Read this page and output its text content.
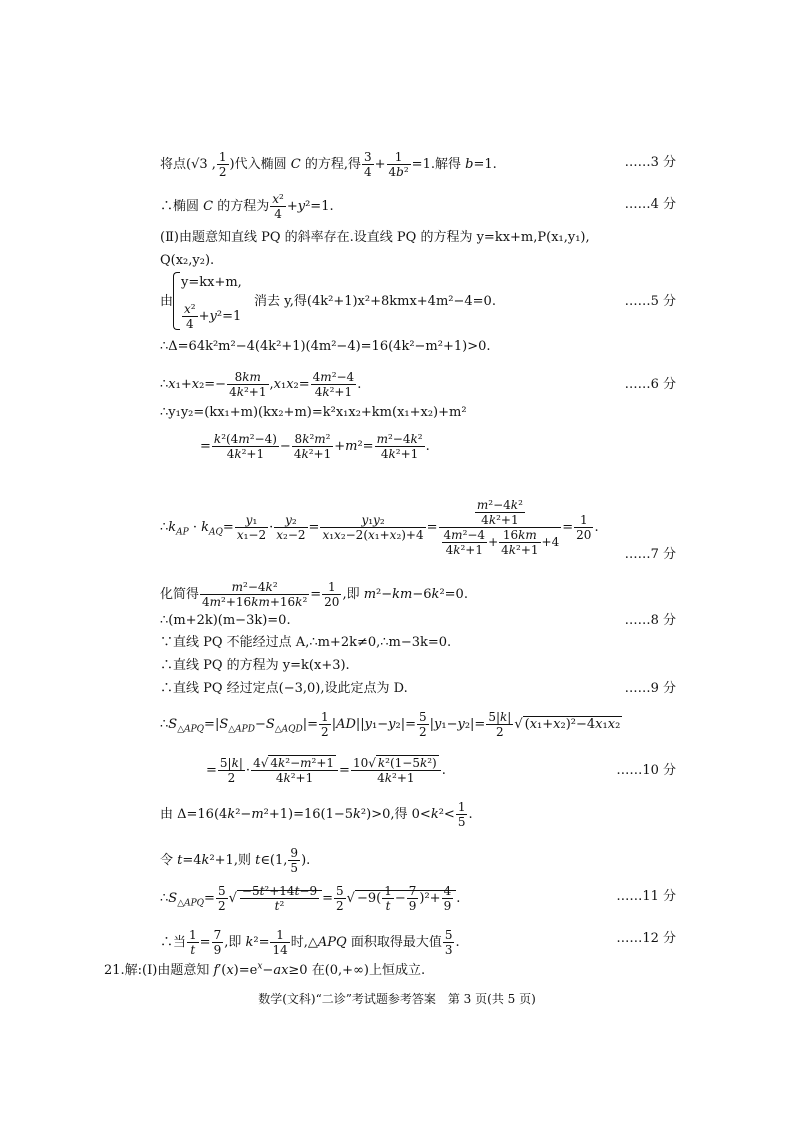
将点(√3 , $\frac{1}{2}$ )代入椭圆 C 的方程,得 $\frac{3}{4} + \frac{1}{\text{4b²}} =1$.解得 b=1.	……3 分
∴椭圆 C 的方程为 $\frac{\text{x²}}{4} +y^2=1$.	……4 分
(Ⅱ)由题意知直线 PQ 的斜率存在.设直线 PQ 的方程为 y=kx+m,P(x₁,y₁),
Q(x₂,y₂).
由
y=kx+m,
$\frac{\text{x²}}{4} +y^2=1$
消去 y,得(4k²+1)x²+8kmx+4m²−4=0.	……5 分
∴Δ=64k²m²−4(4k²+1)(4m²−4)=16(4k²−m²+1)>0.
∴x₁+x₂=− $\frac{8km}{\text{4k²+1}} ,x_1x_2= \frac{\text{4m²−4}}{\text{4k²+1}}$ .	……6 分
∴y₁y₂=(kx₁+m)(kx₂+m)=k²x₁x₂+km(x₁+x₂)+m²
= $\frac{\text{k²(4m²−4)}}{\text{4k²+1}} - \frac{\text{8k²m²}}{\text{4k²+1}} +m^2= \frac{\text{m²−4k²}}{\text{4k²+1}}$ .
$\therefore k_{AP} \cdot k_{AQ}= \frac{\text{y₁}}{\text{x₁−2}} \cdot \frac{\text{y₂}}{\text{x₂−2}} = \frac{\text{y₁y₂}}{\text{x₁x₂−2(x₁+x₂)+4}} = \frac{\frac{\text{m²−4k²}}{\text{4k²+1}}}{\frac{\text{4m²−4}}{\text{4k²+1}} + \frac{16km}{\text{4k²+1}} +4} = \frac{1}{20}$ .
……7 分
化简得 $\frac{\text{m²−4k²}}{\text{4m²+16km+16k²}} = \frac{1}{20}$ ,即 m²−km−6k²=0.
∴(m+2k)(m−3k)=0.	……8 分
∵直线 PQ 不能经过点 A,∴m+2k≠0,∴m−3k=0.
∴直线 PQ 的方程为 y=k(x+3).
∴直线 PQ 经过定点(−3,0),设此定点为 D.	……9 分
$\therefore S_{\triangle APQ}=|S_{\triangle APD}-S_{\triangle AQD}|= \frac{1}{2} |AD||y_1-y_2|= \frac{5}{2} |y_1-y_2|= \frac{5|k|}{2}$ √ (x₁+x₂)²−4x₁x₂
= $\frac{5|k|}{2} \cdot \frac{\text{4√ 4k²−m²+1}}{\text{4k²+1}} = \frac{\text{10√ k²(1−5k²)}}{\text{4k²+1}}$ .	……10 分
由 Δ=16(4k²−m²+1)=16(1−5k²)>0,得 $0<k^2< \frac{1}{5}$ .
令 t=4k²+1,则 t∈(1, $\frac{9}{5}$ ).
$\therefore S_{\triangle APQ}= \frac{5}{2}$ √ $\frac{\text{−5t²+14t−9}}{\text{t²}} = \frac{5}{2}$ √ $-9( \frac{1}{t} - \frac{7}{9} )^2+ \frac{4}{9}$ .	……11 分
∴当 $\frac{1}{t} = \frac{7}{9}$ ,即 $k^2= \frac{1}{14}$ 时,△APQ 面积取得最大值 $\frac{5}{3}$ .	……12 分
21.解:(Ⅰ)由题意知 $f'(x)=e^x-ax\ge 0$ 在(0,+∞)上恒成立.
数学(文科)“二诊”考试题参考答案　第 3 页(共 5 页)
